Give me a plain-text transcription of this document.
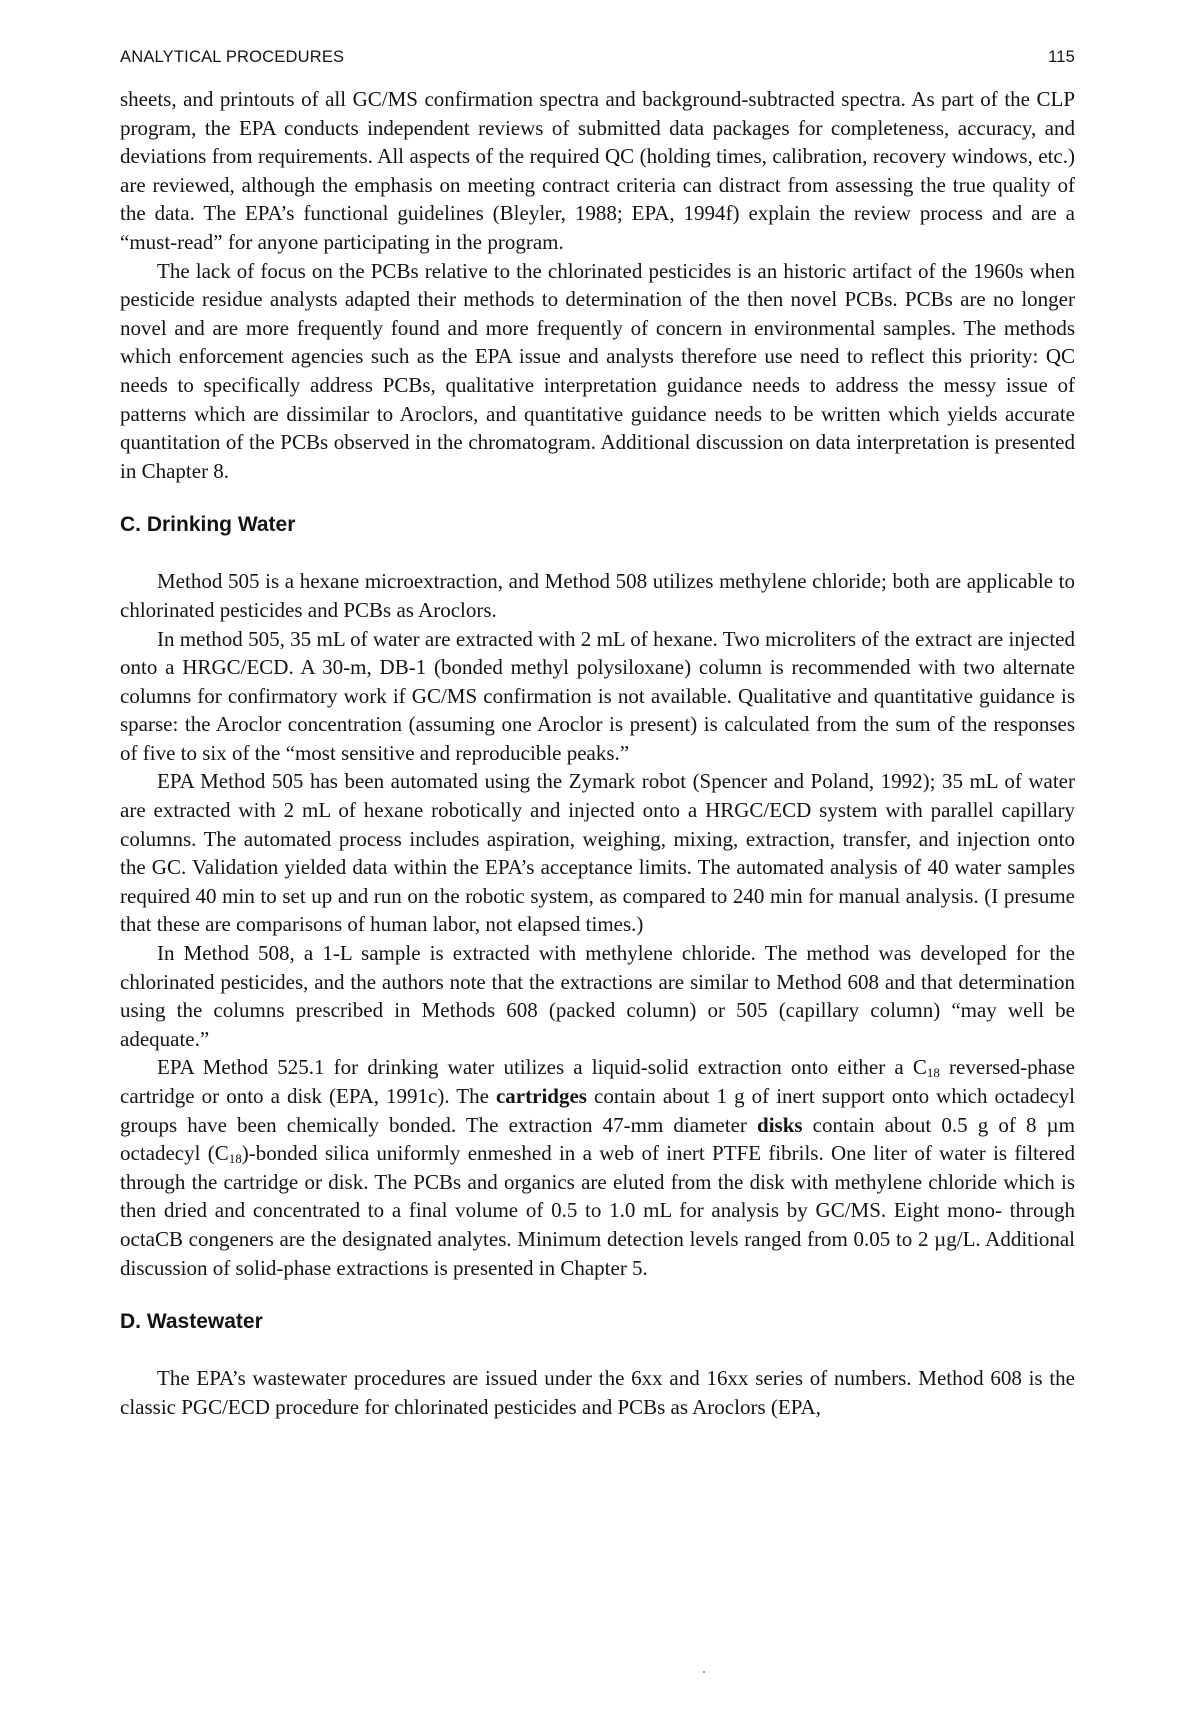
ANALYTICAL PROCEDURES	115

sheets, and printouts of all GC/MS confirmation spectra and background-subtracted spectra. As part of the CLP program, the EPA conducts independent reviews of submitted data packages for completeness, accuracy, and deviations from requirements. All aspects of the required QC (holding times, calibration, recovery windows, etc.) are reviewed, although the emphasis on meeting contract criteria can distract from assessing the true quality of the data. The EPA’s functional guidelines (Bleyler, 1988; EPA, 1994f) explain the review process and are a “must-read” for anyone participating in the program.

The lack of focus on the PCBs relative to the chlorinated pesticides is an historic artifact of the 1960s when pesticide residue analysts adapted their methods to determination of the then novel PCBs. PCBs are no longer novel and are more frequently found and more frequently of concern in environmental samples. The methods which enforcement agencies such as the EPA issue and analysts therefore use need to reflect this priority: QC needs to specifically address PCBs, qualitative interpretation guidance needs to address the messy issue of patterns which are dissimilar to Aroclors, and quantitative guidance needs to be written which yields accurate quantitation of the PCBs observed in the chromatogram. Additional discussion on data interpretation is presented in Chapter 8.

C. Drinking Water

Method 505 is a hexane microextraction, and Method 508 utilizes methylene chloride; both are applicable to chlorinated pesticides and PCBs as Aroclors.

In method 505, 35 mL of water are extracted with 2 mL of hexane. Two microliters of the extract are injected onto a HRGC/ECD. A 30-m, DB-1 (bonded methyl polysiloxane) column is recommended with two alternate columns for confirmatory work if GC/MS confirmation is not available. Qualitative and quantitative guidance is sparse: the Aroclor concentration (assuming one Aroclor is present) is calculated from the sum of the responses of five to six of the “most sensitive and reproducible peaks.”

EPA Method 505 has been automated using the Zymark robot (Spencer and Poland, 1992); 35 mL of water are extracted with 2 mL of hexane robotically and injected onto a HRGC/ECD system with parallel capillary columns. The automated process includes aspiration, weighing, mixing, extraction, transfer, and injection onto the GC. Validation yielded data within the EPA’s acceptance limits. The automated analysis of 40 water samples required 40 min to set up and run on the robotic system, as compared to 240 min for manual analysis. (I presume that these are comparisons of human labor, not elapsed times.)

In Method 508, a 1-L sample is extracted with methylene chloride. The method was developed for the chlorinated pesticides, and the authors note that the extractions are similar to Method 608 and that determination using the columns prescribed in Methods 608 (packed column) or 505 (capillary column) “may well be adequate.”

EPA Method 525.1 for drinking water utilizes a liquid-solid extraction onto either a $C_{18}$ reversed-phase cartridge or onto a disk (EPA, 1991c). The cartridges contain about 1 g of inert support onto which octadecyl groups have been chemically bonded. The extraction 47-mm diameter disks contain about 0.5 g of 8 µm octadecyl $(C_{18})$-bonded silica uniformly enmeshed in a web of inert PTFE fibrils. One liter of water is filtered through the cartridge or disk. The PCBs and organics are eluted from the disk with methylene chloride which is then dried and concentrated to a final volume of 0.5 to 1.0 mL for analysis by GC/MS. Eight mono- through octaCB congeners are the designated analytes. Minimum detection levels ranged from 0.05 to 2 µg/L. Additional discussion of solid-phase extractions is presented in Chapter 5.

D. Wastewater

The EPA’s wastewater procedures are issued under the 6xx and 16xx series of numbers. Method 608 is the classic PGC/ECD procedure for chlorinated pesticides and PCBs as Aroclors (EPA,
